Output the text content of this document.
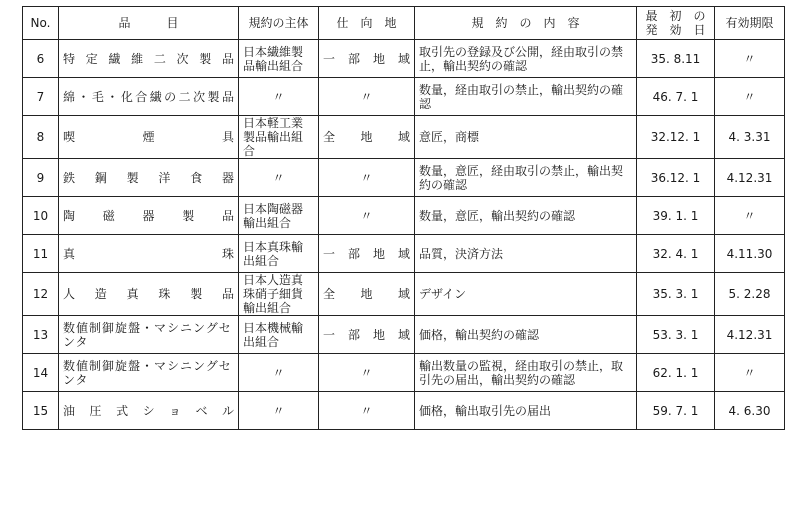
No.	品　　　目	規約の主体	仕　向　地	規　約　の　内　容	最　初　の
発　効　日	有効期限
6	特定繊維二次製品	日本繊維製品輸出組合	一部地域	取引先の登録及び公開，経由取引の禁止，輸出契約の確認	35. 8.11	〃
7	綿・毛・化合繊の二次製品	〃	〃	数量，経由取引の禁止，輸出契約の確認	46. 7. 1	〃
8	喫煙具	日本軽工業製品輸出組合	全地域	意匠，商標	32.12. 1	4. 3.31
9	鉄鋼製洋食器	〃	〃	数量，意匠，経由取引の禁止，輸出契約の確認	36.12. 1	4.12.31
10	陶磁器製品	日本陶磁器輸出組合	〃	数量，意匠，輸出契約の確認	39. 1. 1	〃
11	真珠	日本真珠輸出組合	一部地域	品質，決済方法	32. 4. 1	4.11.30
12	人造真珠製品	日本人造真珠硝子細貨輸出組合	全地域	デザイン	35. 3. 1	5. 2.28
13	数値制御旋盤・マシニングセンタ	日本機械輸出組合	一部地域	価格，輸出契約の確認	53. 3. 1	4.12.31
14	数値制御旋盤・マシニングセンタ	〃	〃	輸出数量の監視，経由取引の禁止，取引先の届出，輸出契約の確認	62. 1. 1	〃
15	油圧式ショベル	〃	〃	価格，輸出取引先の届出	59. 7. 1	4. 6.30
